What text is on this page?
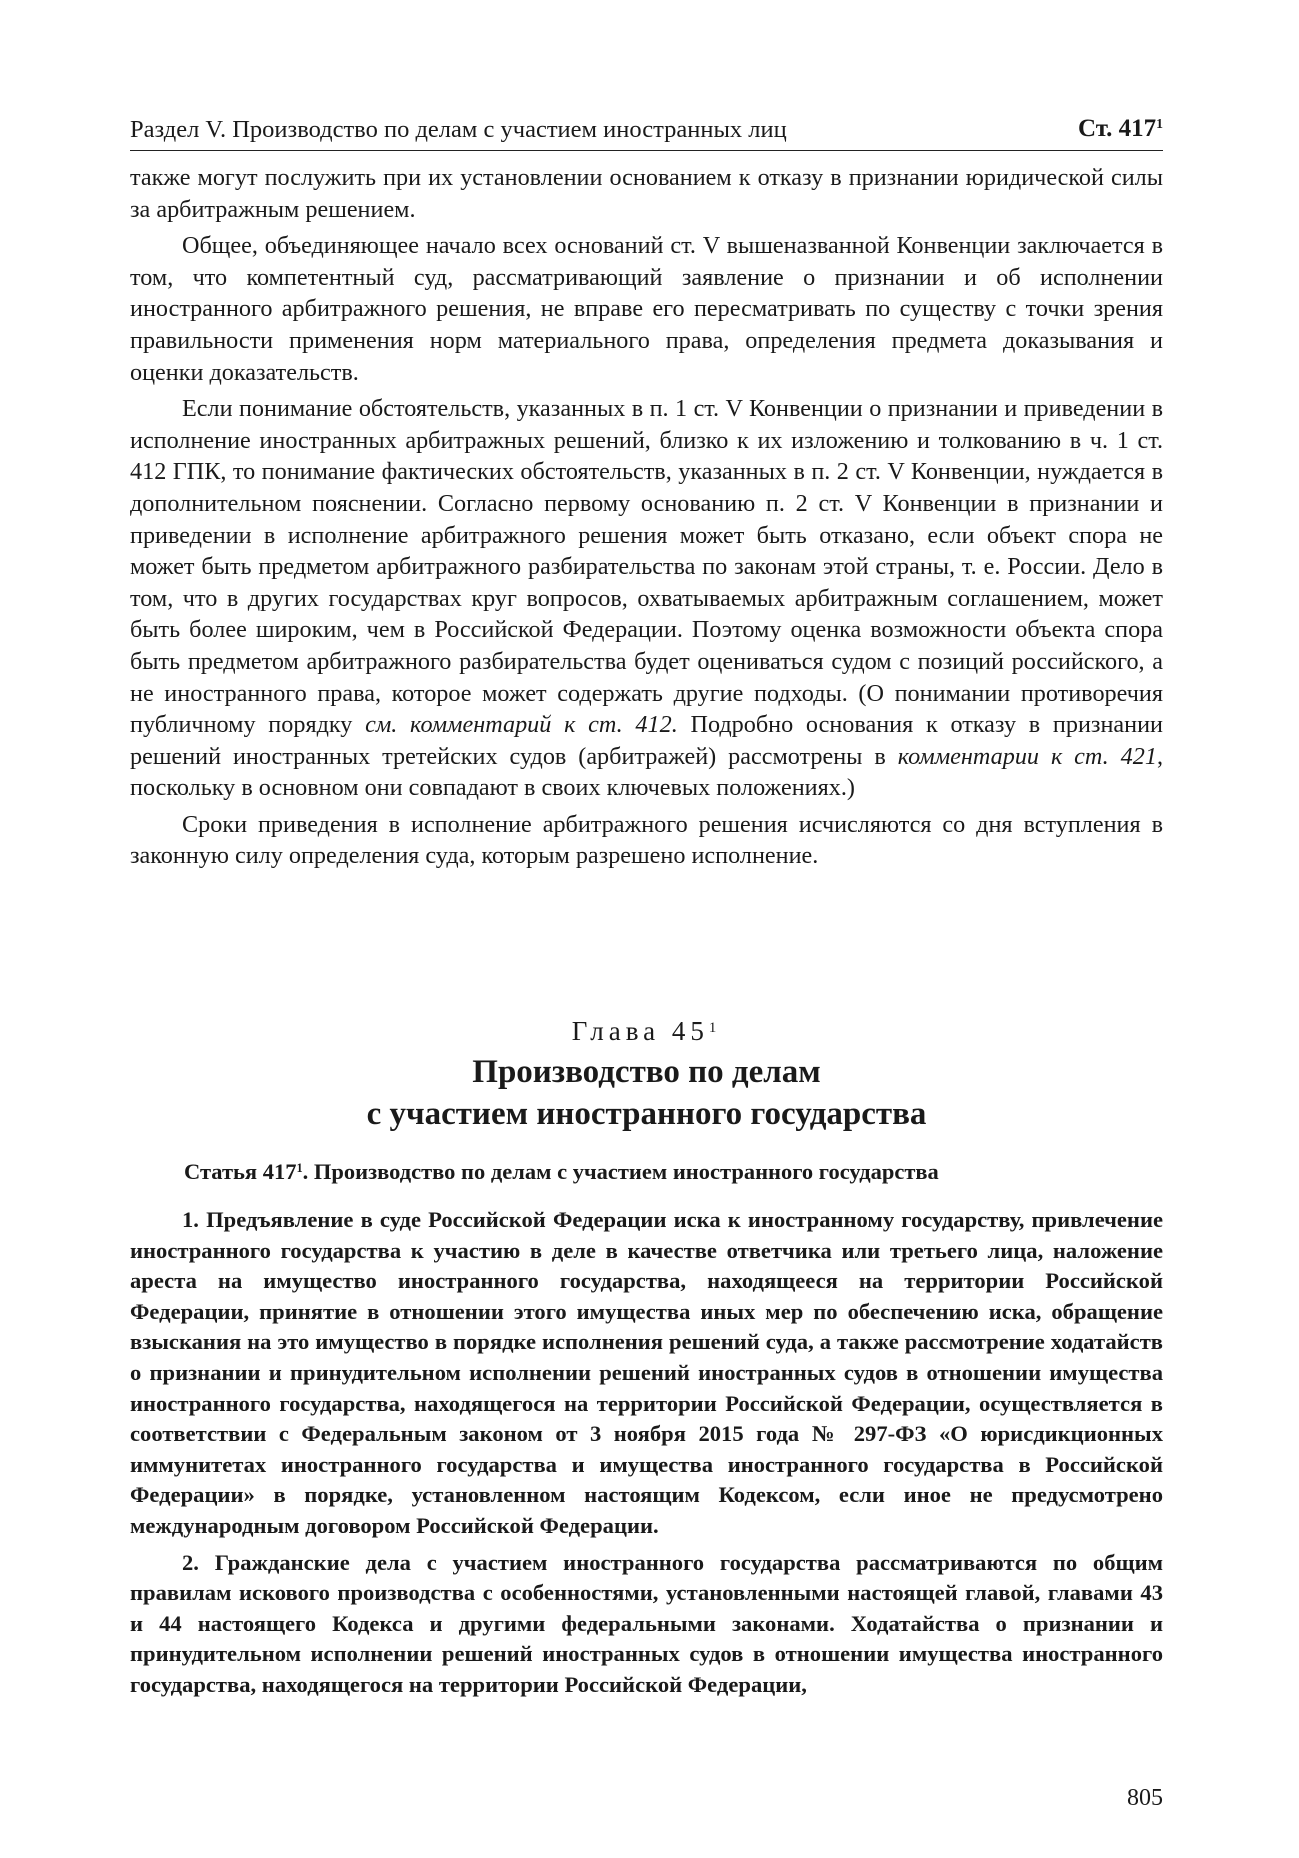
Раздел V. Производство по делам с участием иностранных лиц	Ст. $417^1$

также могут послужить при их установлении основанием к отказу в признании юридической силы за арбитражным решением.

Общее, объединяющее начало всех оснований ст. V вышеназванной Конвенции заключается в том, что компетентный суд, рассматривающий заявление о признании и об исполнении иностранного арбитражного решения, не вправе его пересматривать по существу с точки зрения правильности применения норм материального права, определения предмета доказывания и оценки доказательств.

Если понимание обстоятельств, указанных в п. 1 ст. V Конвенции о признании и приведении в исполнение иностранных арбитражных решений, близко к их изложению и толкованию в ч. 1 ст. 412 ГПК, то понимание фактических обстоятельств, указанных в п. 2 ст. V Конвенции, нуждается в дополнительном пояснении. Согласно первому основанию п. 2 ст. V Конвенции в признании и приведении в исполнение арбитражного решения может быть отказано, если объект спора не может быть предметом арбитражного разбирательства по законам этой страны, т. е. России. Дело в том, что в других государствах круг вопросов, охватываемых арбитражным соглашением, может быть более широким, чем в Российской Федерации. Поэтому оценка возможности объекта спора быть предметом арбитражного разбирательства будет оцениваться судом с позиций российского, а не иностранного права, которое может содержать другие подходы. (О понимании противоречия публичному порядку см. комментарий к ст. 412. Подробно основания к отказу в признании решений иностранных третейских судов (арбитражей) рассмотрены в комментарии к ст. 421, поскольку в основном они совпадают в своих ключевых положениях.)

Сроки приведения в исполнение арбитражного решения исчисляются со дня вступления в законную силу определения суда, которым разрешено исполнение.

Глава $45^1$
Производство по делам
с участием иностранного государства
Статья $417^1$. Производство по делам с участием иностранного государства

1. Предъявление в суде Российской Федерации иска к иностранному государству, привлечение иностранного государства к участию в деле в качестве ответчика или третьего лица, наложение ареста на имущество иностранного государства, находящееся на территории Российской Федерации, принятие в отношении этого имущества иных мер по обеспечению иска, обращение взыскания на это имущество в порядке исполнения решений суда, а также рассмотрение ходатайств о признании и принудительном исполнении решений иностранных судов в отношении имущества иностранного государства, находящегося на территории Российской Федерации, осуществляется в соответствии с Федеральным законом от 3 ноября 2015 года № 297-ФЗ «О юрисдикционных иммунитетах иностранного государства и имущества иностранного государства в Российской Федерации» в порядке, установленном настоящим Кодексом, если иное не предусмотрено международным договором Российской Федерации.

2. Гражданские дела с участием иностранного государства рассматриваются по общим правилам искового производства с особенностями, установленными настоящей главой, главами 43 и 44 настоящего Кодекса и другими федеральными законами. Ходатайства о признании и принудительном исполнении решений иностранных судов в отношении имущества иностранного государства, находящегося на территории Российской Федерации,

805
